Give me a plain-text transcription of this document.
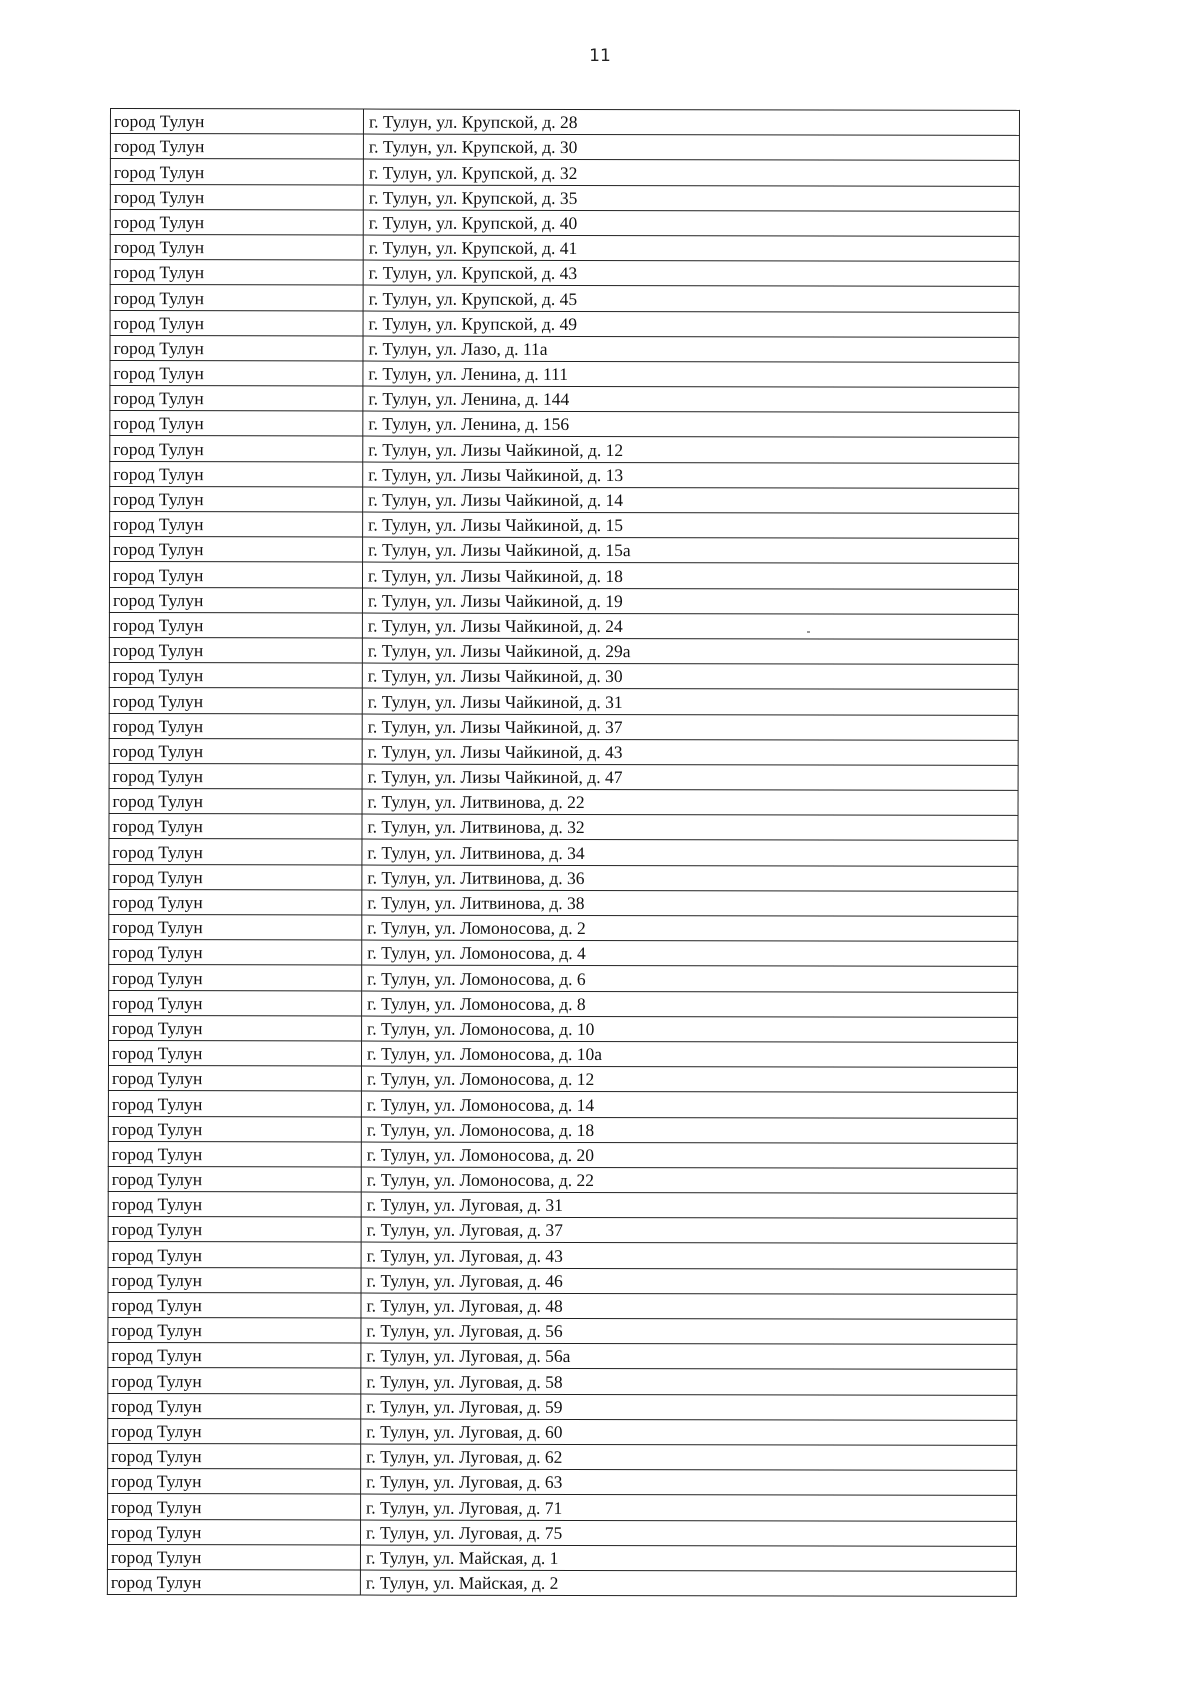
11
город Тулун	г. Тулун, ул. Крупской, д. 28
город Тулун	г. Тулун, ул. Крупской, д. 30
город Тулун	г. Тулун, ул. Крупской, д. 32
город Тулун	г. Тулун, ул. Крупской, д. 35
город Тулун	г. Тулун, ул. Крупской, д. 40
город Тулун	г. Тулун, ул. Крупской, д. 41
город Тулун	г. Тулун, ул. Крупской, д. 43
город Тулун	г. Тулун, ул. Крупской, д. 45
город Тулун	г. Тулун, ул. Крупской, д. 49
город Тулун	г. Тулун, ул. Лазо, д. 11а
город Тулун	г. Тулун, ул. Ленина, д. 111
город Тулун	г. Тулун, ул. Ленина, д. 144
город Тулун	г. Тулун, ул. Ленина, д. 156
город Тулун	г. Тулун, ул. Лизы Чайкиной, д. 12
город Тулун	г. Тулун, ул. Лизы Чайкиной, д. 13
город Тулун	г. Тулун, ул. Лизы Чайкиной, д. 14
город Тулун	г. Тулун, ул. Лизы Чайкиной, д. 15
город Тулун	г. Тулун, ул. Лизы Чайкиной, д. 15а
город Тулун	г. Тулун, ул. Лизы Чайкиной, д. 18
город Тулун	г. Тулун, ул. Лизы Чайкиной, д. 19
город Тулун	г. Тулун, ул. Лизы Чайкиной, д. 24
город Тулун	г. Тулун, ул. Лизы Чайкиной, д. 29а
город Тулун	г. Тулун, ул. Лизы Чайкиной, д. 30
город Тулун	г. Тулун, ул. Лизы Чайкиной, д. 31
город Тулун	г. Тулун, ул. Лизы Чайкиной, д. 37
город Тулун	г. Тулун, ул. Лизы Чайкиной, д. 43
город Тулун	г. Тулун, ул. Лизы Чайкиной, д. 47
город Тулун	г. Тулун, ул. Литвинова, д. 22
город Тулун	г. Тулун, ул. Литвинова, д. 32
город Тулун	г. Тулун, ул. Литвинова, д. 34
город Тулун	г. Тулун, ул. Литвинова, д. 36
город Тулун	г. Тулун, ул. Литвинова, д. 38
город Тулун	г. Тулун, ул. Ломоносова, д. 2
город Тулун	г. Тулун, ул. Ломоносова, д. 4
город Тулун	г. Тулун, ул. Ломоносова, д. 6
город Тулун	г. Тулун, ул. Ломоносова, д. 8
город Тулун	г. Тулун, ул. Ломоносова, д. 10
город Тулун	г. Тулун, ул. Ломоносова, д. 10а
город Тулун	г. Тулун, ул. Ломоносова, д. 12
город Тулун	г. Тулун, ул. Ломоносова, д. 14
город Тулун	г. Тулун, ул. Ломоносова, д. 18
город Тулун	г. Тулун, ул. Ломоносова, д. 20
город Тулун	г. Тулун, ул. Ломоносова, д. 22
город Тулун	г. Тулун, ул. Луговая, д. 31
город Тулун	г. Тулун, ул. Луговая, д. 37
город Тулун	г. Тулун, ул. Луговая, д. 43
город Тулун	г. Тулун, ул. Луговая, д. 46
город Тулун	г. Тулун, ул. Луговая, д. 48
город Тулун	г. Тулун, ул. Луговая, д. 56
город Тулун	г. Тулун, ул. Луговая, д. 56а
город Тулун	г. Тулун, ул. Луговая, д. 58
город Тулун	г. Тулун, ул. Луговая, д. 59
город Тулун	г. Тулун, ул. Луговая, д. 60
город Тулун	г. Тулун, ул. Луговая, д. 62
город Тулун	г. Тулун, ул. Луговая, д. 63
город Тулун	г. Тулун, ул. Луговая, д. 71
город Тулун	г. Тулун, ул. Луговая, д. 75
город Тулун	г. Тулун, ул. Майская, д. 1
город Тулун	г. Тулун, ул. Майская, д. 2
